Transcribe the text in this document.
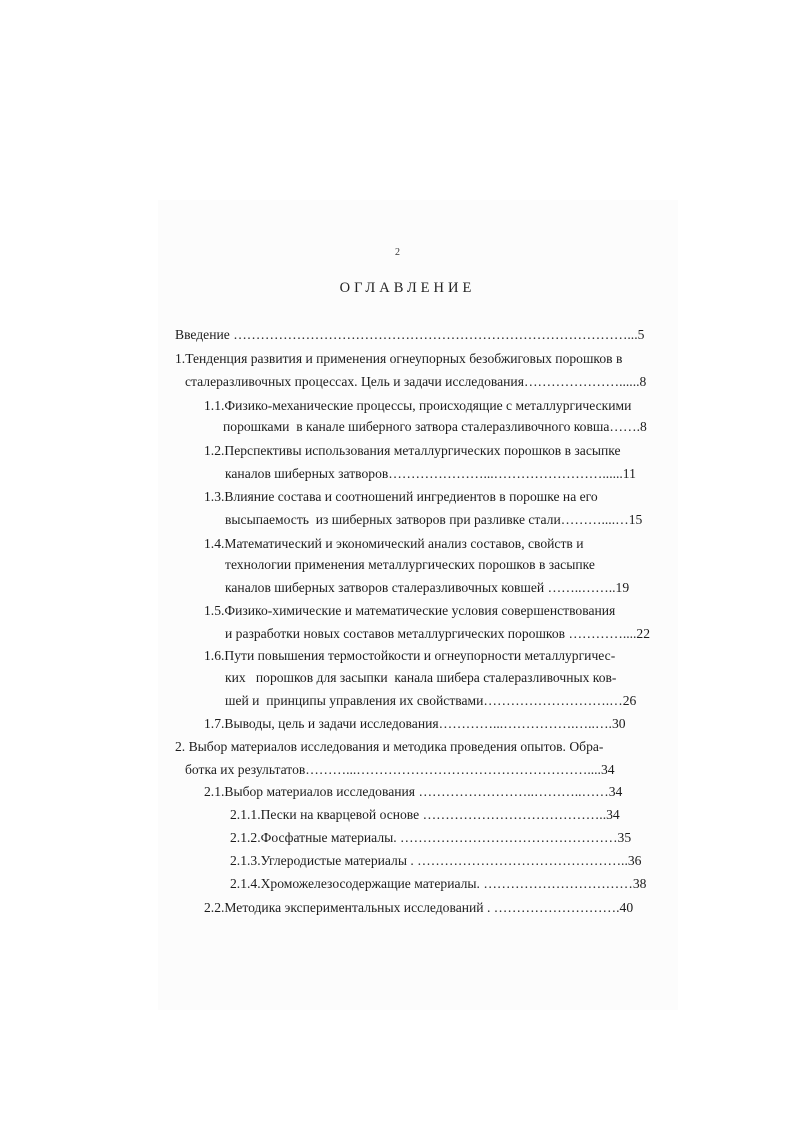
2
ОГЛАВЛЕНИЕ
Введение ……………………………………………………………………………...5
1.Тенденция развития и применения огнеупорных безобжиговых порошков в
сталеразливочных процессах. Цель и задачи исследования…………………......8
1.1.Физико-механические процессы, происходящие с металлургическими
порошками  в канале шиберного затвора сталеразливочного ковша…….8
1.2.Перспективы использования металлургических порошков в засыпке
каналов шиберных затворов…………………...……………………......11
1.3.Влияние состава и соотношений ингредиентов в порошке на его
высыпаемость  из шиберных затворов при разливке стали………....…15
1.4.Математический и экономический анализ составов, свойств и
технологии применения металлургических порошков в засыпке
каналов шиберных затворов сталеразливочных ковшей ……..……..19
1.5.Физико-химические и математические условия совершенствования
и разработки новых составов металлургических порошков …………....22
1.6.Пути повышения термостойкости и огнеупорности металлургичес-
ких   порошков для засыпки  канала шибера сталеразливочных ков-
шей и  принципы управления их свойствами……………………….…26
1.7.Выводы, цель и задачи исследования…………...…………….…..….30
2. Выбор материалов исследования и методика проведения опытов. Обра-
ботка их результатов………...……………………………………………....34
2.1.Выбор материалов исследования ……………………..………..……34
2.1.1.Пески на кварцевой основе …………………………………..34
2.1.2.Фосфатные материалы. …………………………………………35
2.1.3.Углеродистые материалы . ………………………………………..36
2.1.4.Хроможелезосодержащие материалы. ……………………………38
2.2.Методика экспериментальных исследований . ……………………….40
